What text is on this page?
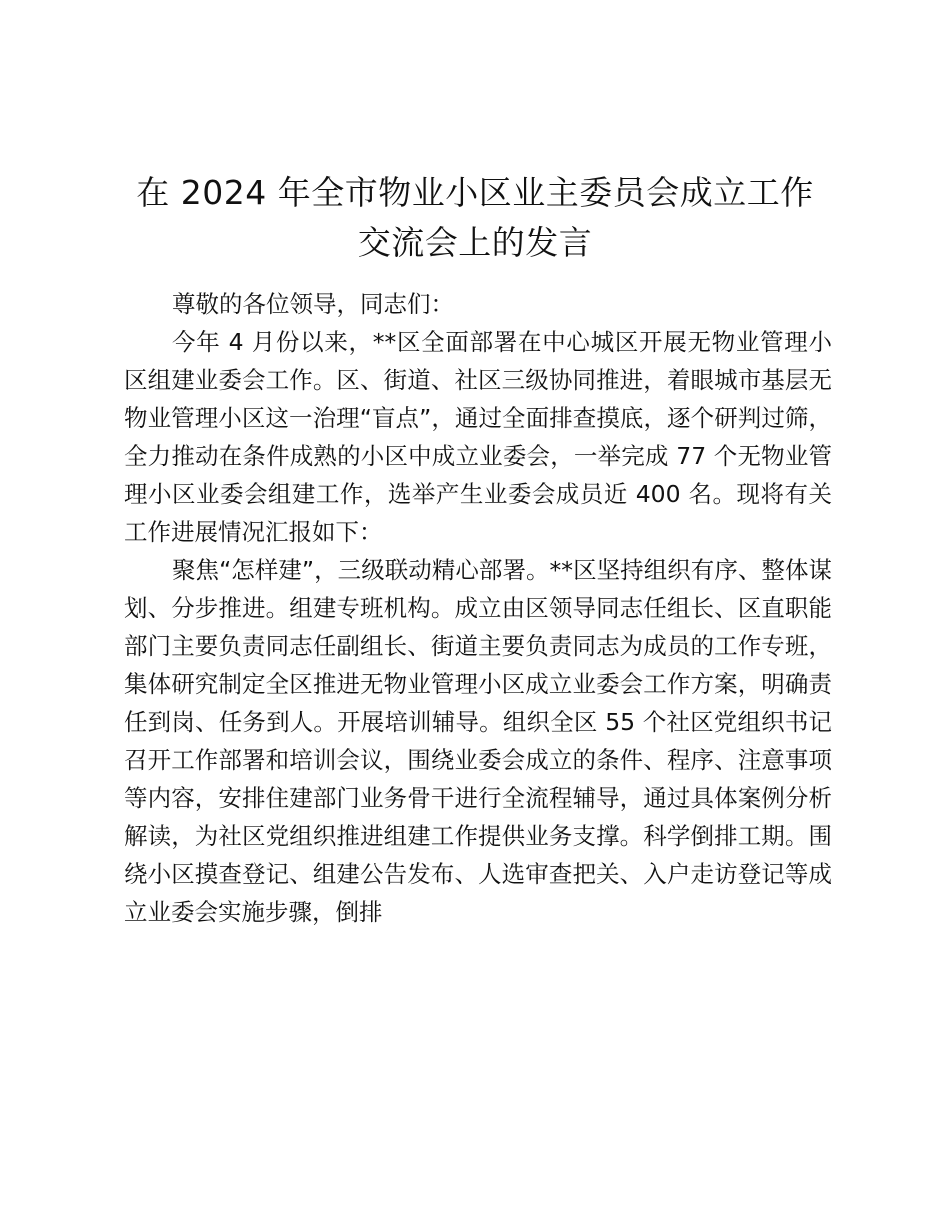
在 2024 年全市物业小区业主委员会成立工作交流会上的发言

尊敬的各位领导，同志们：

今年 4 月份以来，**区全面部署在中心城区开展无物业管理小区组建业委会工作。区、街道、社区三级协同推进，着眼城市基层无物业管理小区这一治理“盲点”，通过全面排查摸底，逐个研判过筛，全力推动在条件成熟的小区中成立业委会，一举完成 77 个无物业管理小区业委会组建工作，选举产生业委会成员近 400 名。现将有关工作进展情况汇报如下：

聚焦“怎样建”，三级联动精心部署。**区坚持组织有序、整体谋划、分步推进。组建专班机构。成立由区领导同志任组长、区直职能部门主要负责同志任副组长、街道主要负责同志为成员的工作专班，集体研究制定全区推进无物业管理小区成立业委会工作方案，明确责任到岗、任务到人。开展培训辅导。组织全区 55 个社区党组织书记召开工作部署和培训会议，围绕业委会成立的条件、程序、注意事项等内容，安排住建部门业务骨干进行全流程辅导，通过具体案例分析解读，为社区党组织推进组建工作提供业务支撑。科学倒排工期。围绕小区摸查登记、组建公告发布、人选审查把关、入户走访登记等成立业委会实施步骤，倒排
